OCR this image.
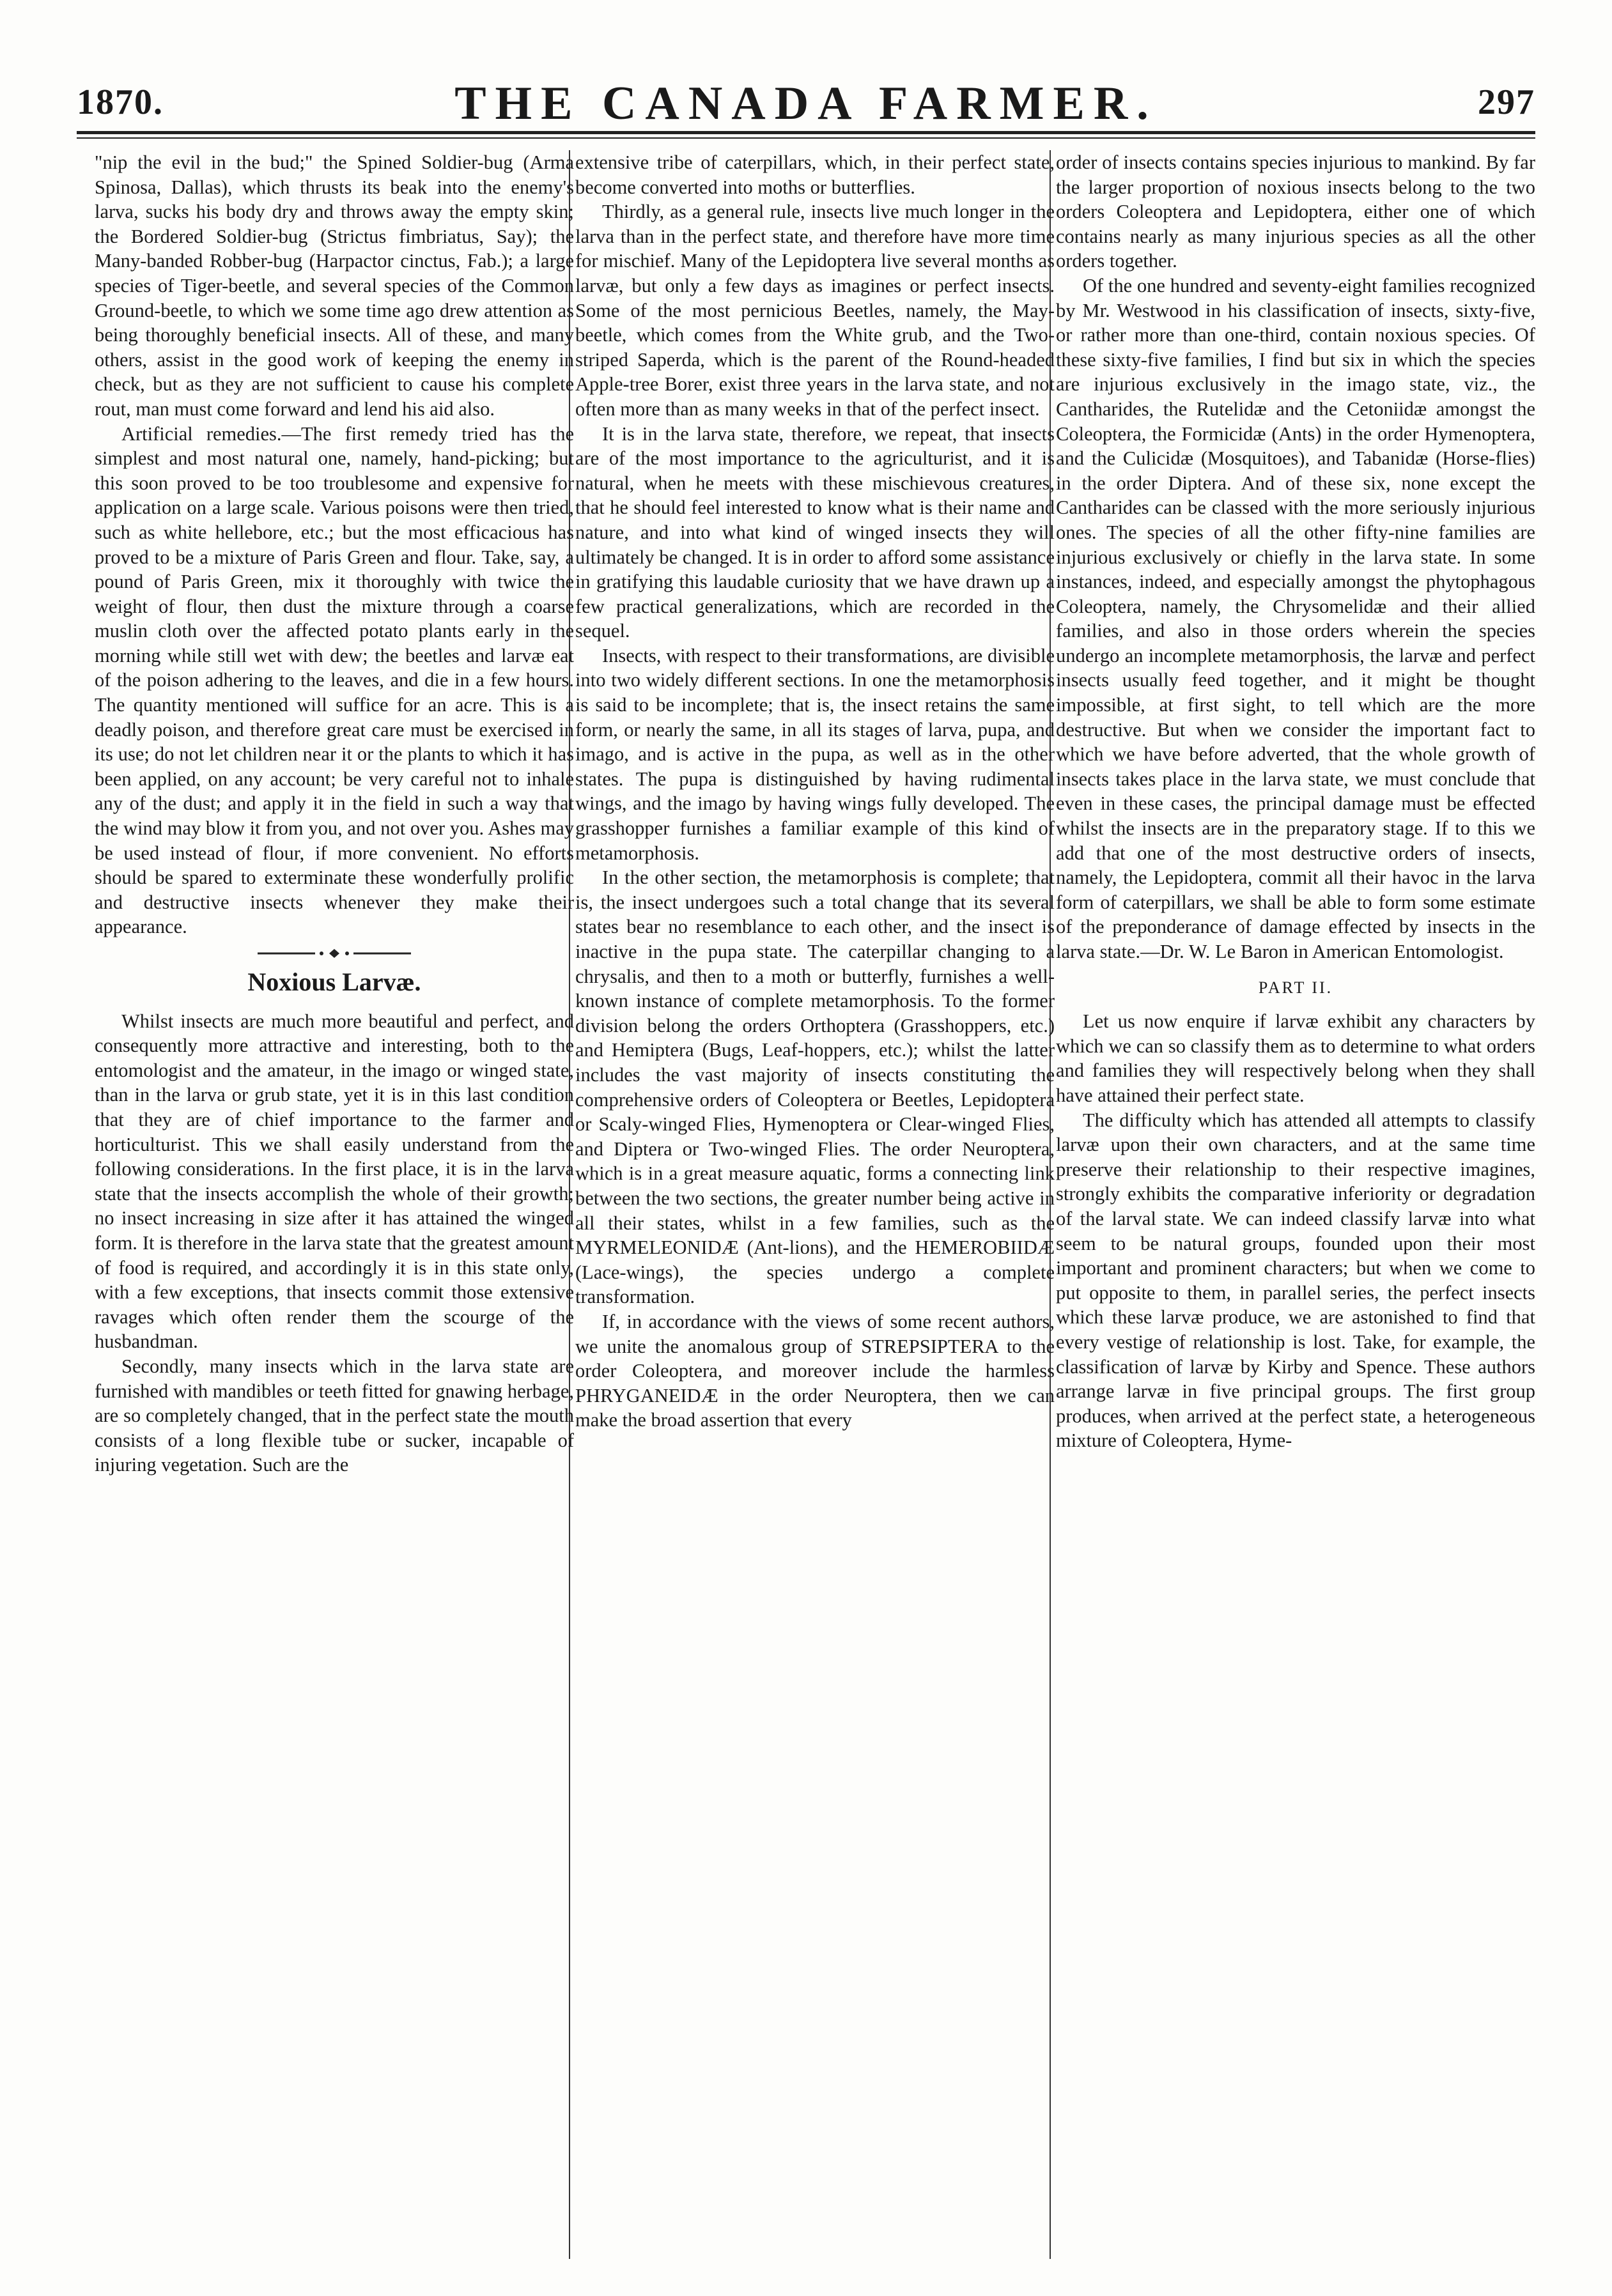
1870.	THE CANADA FARMER.	297

"nip the evil in the bud;" the Spined Soldier-bug (Arma Spinosa, Dallas), which thrusts its beak into the enemy's larva, sucks his body dry and throws away the empty skin; the Bordered Soldier-bug (Strictus fimbriatus, Say); the Many-banded Robber-bug (Harpactor cinctus, Fab.); a large species of Tiger-beetle, and several species of the Common Ground-beetle, to which we some time ago drew attention as being thoroughly beneficial insects. All of these, and many others, assist in the good work of keeping the enemy in check, but as they are not sufficient to cause his complete rout, man must come forward and lend his aid also.

Artificial remedies.—The first remedy tried has the simplest and most natural one, namely, hand-picking; but this soon proved to be too troublesome and expensive for application on a large scale. Various poisons were then tried, such as white hellebore, etc.; but the most efficacious has proved to be a mixture of Paris Green and flour. Take, say, a pound of Paris Green, mix it thoroughly with twice the weight of flour, then dust the mixture through a coarse muslin cloth over the affected potato plants early in the morning while still wet with dew; the beetles and larvæ eat of the poison adhering to the leaves, and die in a few hours. The quantity mentioned will suffice for an acre. This is a deadly poison, and therefore great care must be exercised in its use; do not let children near it or the plants to which it has been applied, on any account; be very careful not to inhale any of the dust; and apply it in the field in such a way that the wind may blow it from you, and not over you. Ashes may be used instead of flour, if more convenient. No efforts should be spared to exterminate these wonderfully prolific and destructive insects whenever they make their appearance.

Noxious Larvæ.

Whilst insects are much more beautiful and perfect, and consequently more attractive and interesting, both to the entomologist and the amateur, in the imago or winged state, than in the larva or grub state, yet it is in this last condition that they are of chief importance to the farmer and horticulturist. This we shall easily understand from the following considerations. In the first place, it is in the larva state that the insects accomplish the whole of their growth; no insect increasing in size after it has attained the winged form. It is therefore in the larva state that the greatest amount of food is required, and accordingly it is in this state only, with a few exceptions, that insects commit those extensive ravages which often render them the scourge of the husbandman.

Secondly, many insects which in the larva state are furnished with mandibles or teeth fitted for gnawing herbage, are so completely changed, that in the perfect state the mouth consists of a long flexible tube or sucker, incapable of injuring vegetation. Such are the

extensive tribe of caterpillars, which, in their perfect state, become converted into moths or butterflies.

Thirdly, as a general rule, insects live much longer in the larva than in the perfect state, and therefore have more time for mischief. Many of the Lepidoptera live several months as larvæ, but only a few days as imagines or perfect insects. Some of the most pernicious Beetles, namely, the May-beetle, which comes from the White grub, and the Two-striped Saperda, which is the parent of the Round-headed Apple-tree Borer, exist three years in the larva state, and not often more than as many weeks in that of the perfect insect.

It is in the larva state, therefore, we repeat, that insects are of the most importance to the agriculturist, and it is natural, when he meets with these mischievous creatures, that he should feel interested to know what is their name and nature, and into what kind of winged insects they will ultimately be changed. It is in order to afford some assistance in gratifying this laudable curiosity that we have drawn up a few practical generalizations, which are recorded in the sequel.

Insects, with respect to their transformations, are divisible into two widely different sections. In one the metamorphosis is said to be incomplete; that is, the insect retains the same form, or nearly the same, in all its stages of larva, pupa, and imago, and is active in the pupa, as well as in the other states. The pupa is distinguished by having rudimental wings, and the imago by having wings fully developed. The grasshopper furnishes a familiar example of this kind of metamorphosis.

In the other section, the metamorphosis is complete; that is, the insect undergoes such a total change that its several states bear no resemblance to each other, and the insect is inactive in the pupa state. The caterpillar changing to a chrysalis, and then to a moth or butterfly, furnishes a well-known instance of complete metamorphosis. To the former division belong the orders Orthoptera (Grasshoppers, etc.) and Hemiptera (Bugs, Leaf-hoppers, etc.); whilst the latter includes the vast majority of insects constituting the comprehensive orders of Coleoptera or Beetles, Lepidoptera or Scaly-winged Flies, Hymenoptera or Clear-winged Flies, and Diptera or Two-winged Flies. The order Neuroptera, which is in a great measure aquatic, forms a connecting link between the two sections, the greater number being active in all their states, whilst in a few families, such as the MYRMELEONIDÆ (Ant-lions), and the HEMEROBIIDÆ (Lace-wings), the species undergo a complete transformation.

If, in accordance with the views of some recent authors, we unite the anomalous group of STREPSIPTERA to the order Coleoptera, and moreover include the harmless PHRYGANEIDÆ in the order Neuroptera, then we can make the broad assertion that every

order of insects contains species injurious to mankind. By far the larger proportion of noxious insects belong to the two orders Coleoptera and Lepidoptera, either one of which contains nearly as many injurious species as all the other orders together.

Of the one hundred and seventy-eight families recognized by Mr. Westwood in his classification of insects, sixty-five, or rather more than one-third, contain noxious species. Of these sixty-five families, I find but six in which the species are injurious exclusively in the imago state, viz., the Cantharides, the Rutelidæ and the Cetoniidæ amongst the Coleoptera, the Formicidæ (Ants) in the order Hymenoptera, and the Culicidæ (Mosquitoes), and Tabanidæ (Horse-flies) in the order Diptera. And of these six, none except the Cantharides can be classed with the more seriously injurious ones. The species of all the other fifty-nine families are injurious exclusively or chiefly in the larva state. In some instances, indeed, and especially amongst the phytophagous Coleoptera, namely, the Chrysomelidæ and their allied families, and also in those orders wherein the species undergo an incomplete metamorphosis, the larvæ and perfect insects usually feed together, and it might be thought impossible, at first sight, to tell which are the more destructive. But when we consider the important fact to which we have before adverted, that the whole growth of insects takes place in the larva state, we must conclude that even in these cases, the principal damage must be effected whilst the insects are in the preparatory stage. If to this we add that one of the most destructive orders of insects, namely, the Lepidoptera, commit all their havoc in the larva form of caterpillars, we shall be able to form some estimate of the preponderance of damage effected by insects in the larva state.—Dr. W. Le Baron in American Entomologist.

PART II.

Let us now enquire if larvæ exhibit any characters by which we can so classify them as to determine to what orders and families they will respectively belong when they shall have attained their perfect state.

The difficulty which has attended all attempts to classify larvæ upon their own characters, and at the same time preserve their relationship to their respective imagines, strongly exhibits the comparative inferiority or degradation of the larval state. We can indeed classify larvæ into what seem to be natural groups, founded upon their most important and prominent characters; but when we come to put opposite to them, in parallel series, the perfect insects which these larvæ produce, we are astonished to find that every vestige of relationship is lost. Take, for example, the classification of larvæ by Kirby and Spence. These authors arrange larvæ in five principal groups. The first group produces, when arrived at the perfect state, a heterogeneous mixture of Coleoptera, Hyme-
